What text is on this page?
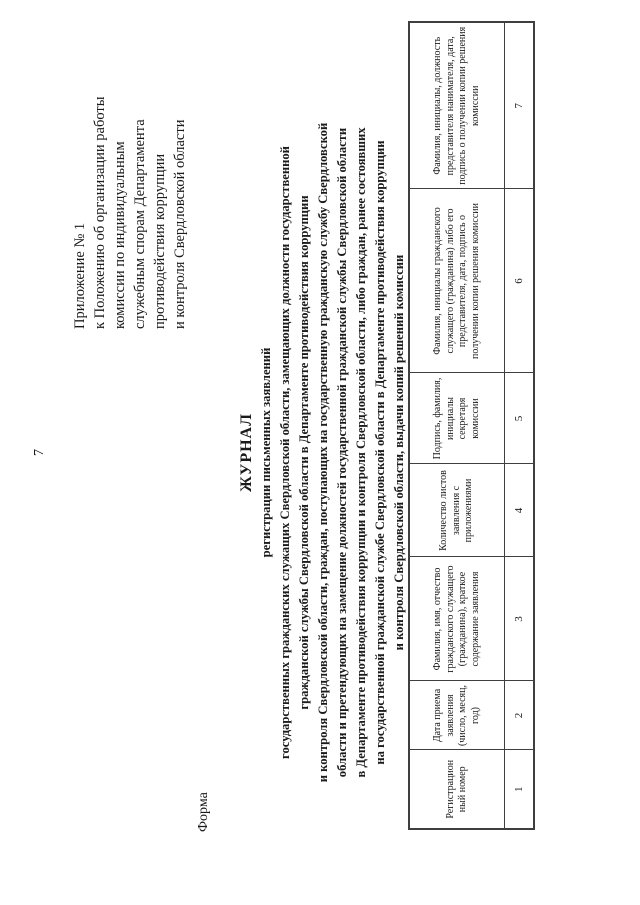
7
Приложение № 1 к Положению об организации работы комиссии по индивидуальным служебным спорам Департамента противодействия коррупции и контроля Свердловской области
Форма
ЖУРНАЛ регистрации письменных заявлений государственных гражданских служащих Свердловской области, замещающих должности государственной гражданской службы Свердловской области в Департаменте противодействия коррупции и контроля Свердловской области, граждан, поступающих на государственную гражданскую службу Свердловской области и претендующих на замещение должностей государственной гражданской службы Свердловской области в Департаменте противодействия коррупции и контроля Свердловской области, либо граждан, ранее состоявших на государственной гражданской службе Свердловской области в Департаменте противодействия коррупции и контроля Свердловской области, выдачи копий решений комиссии
Регистрацион ный номер	Дата приема заявления (число, месяц, год)	Фамилия, имя, отчество гражданского служащего (гражданина), краткое содержание заявления	Количество листов заявления с приложениями	Подпись, фамилия, инициалы секретаря комиссии	Фамилия, инициалы гражданского служащего (гражданина) либо его представителя, дата, подпись о получении копии решения комиссии	Фамилия, инициалы, должность представителя нанимателя, дата, подпись о получении копии решения комиссии
1	2	3	4	5	6	7
